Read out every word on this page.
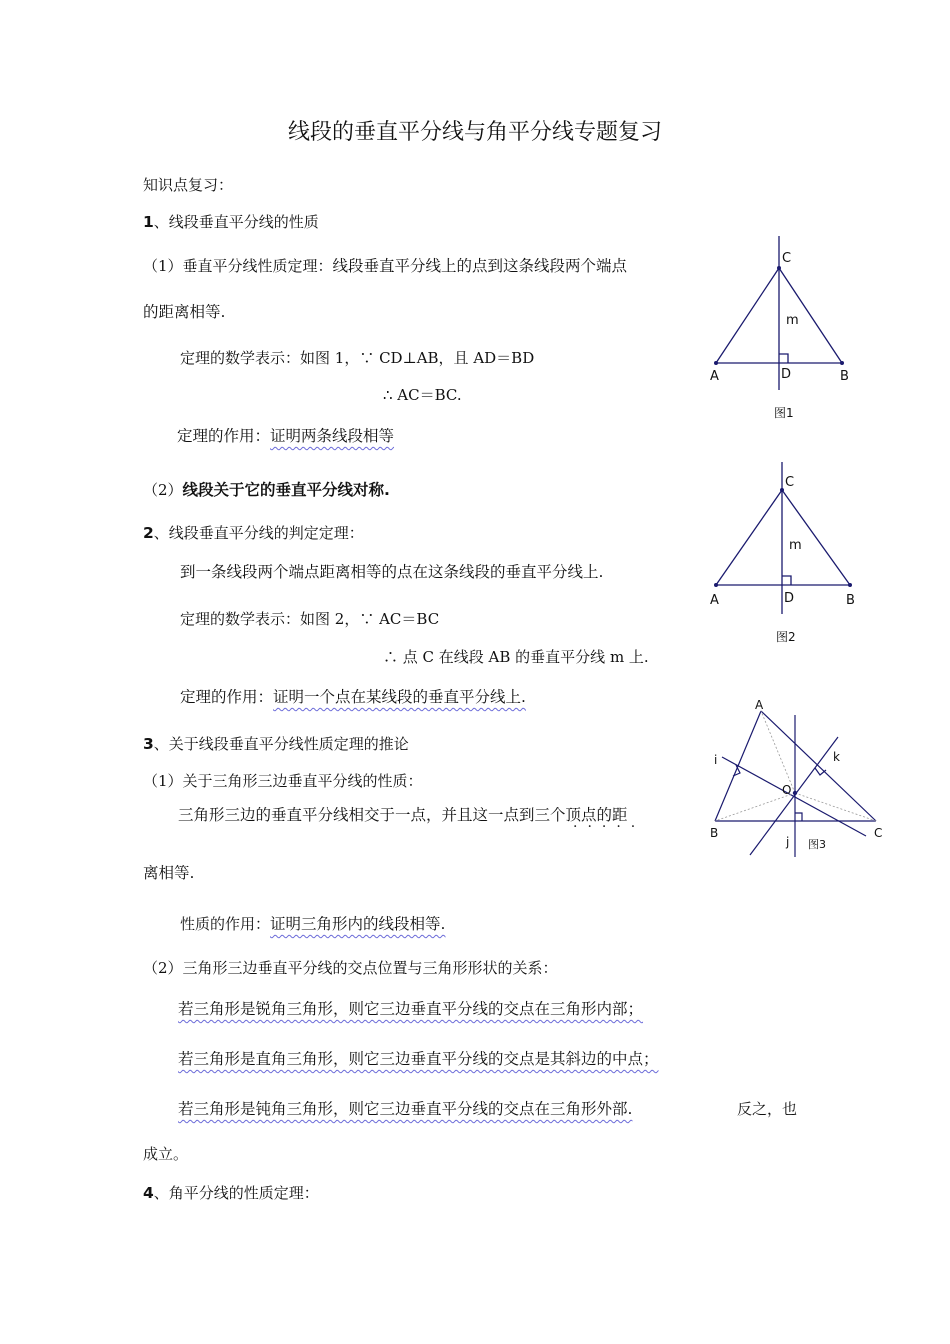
线段的垂直平分线与角平分线专题复习
知识点复习：
1、线段垂直平分线的性质
（1）垂直平分线性质定理：线段垂直平分线上的点到这条线段两个端点
的距离相等.
定理的数学表示：如图 1，∵ CD⊥AB，且 AD＝BD
∴ AC＝BC.
定理的作用：证明两条线段相等
（2）线段关于它的垂直平分线对称.
2、线段垂直平分线的判定定理：
到一条线段两个端点距离相等的点在这条线段的垂直平分线上.
定理的数学表示：如图 2，∵ AC＝BC
∴ 点 C 在线段 AB 的垂直平分线 m 上.
定理的作用：证明一个点在某线段的垂直平分线上.
3、关于线段垂直平分线性质定理的推论
（1）关于三角形三边垂直平分线的性质：
三角形三边的垂直平分线相交于一点，并且这一点到三个顶点的距
·····
离相等.
性质的作用：证明三角形内的线段相等.
（2）三角形三边垂直平分线的交点位置与三角形形状的关系：
若三角形是锐角三角形，则它三边垂直平分线的交点在三角形内部；
若三角形是直角三角形，则它三边垂直平分线的交点是其斜边的中点；
若三角形是钝角三角形，则它三边垂直平分线的交点在三角形外部.	反之，也
成立。
4、角平分线的性质定理：
C
m
A	D	B
图1
C
m
A	D	B
图2
A
B	C
O
i
j
k
图3
